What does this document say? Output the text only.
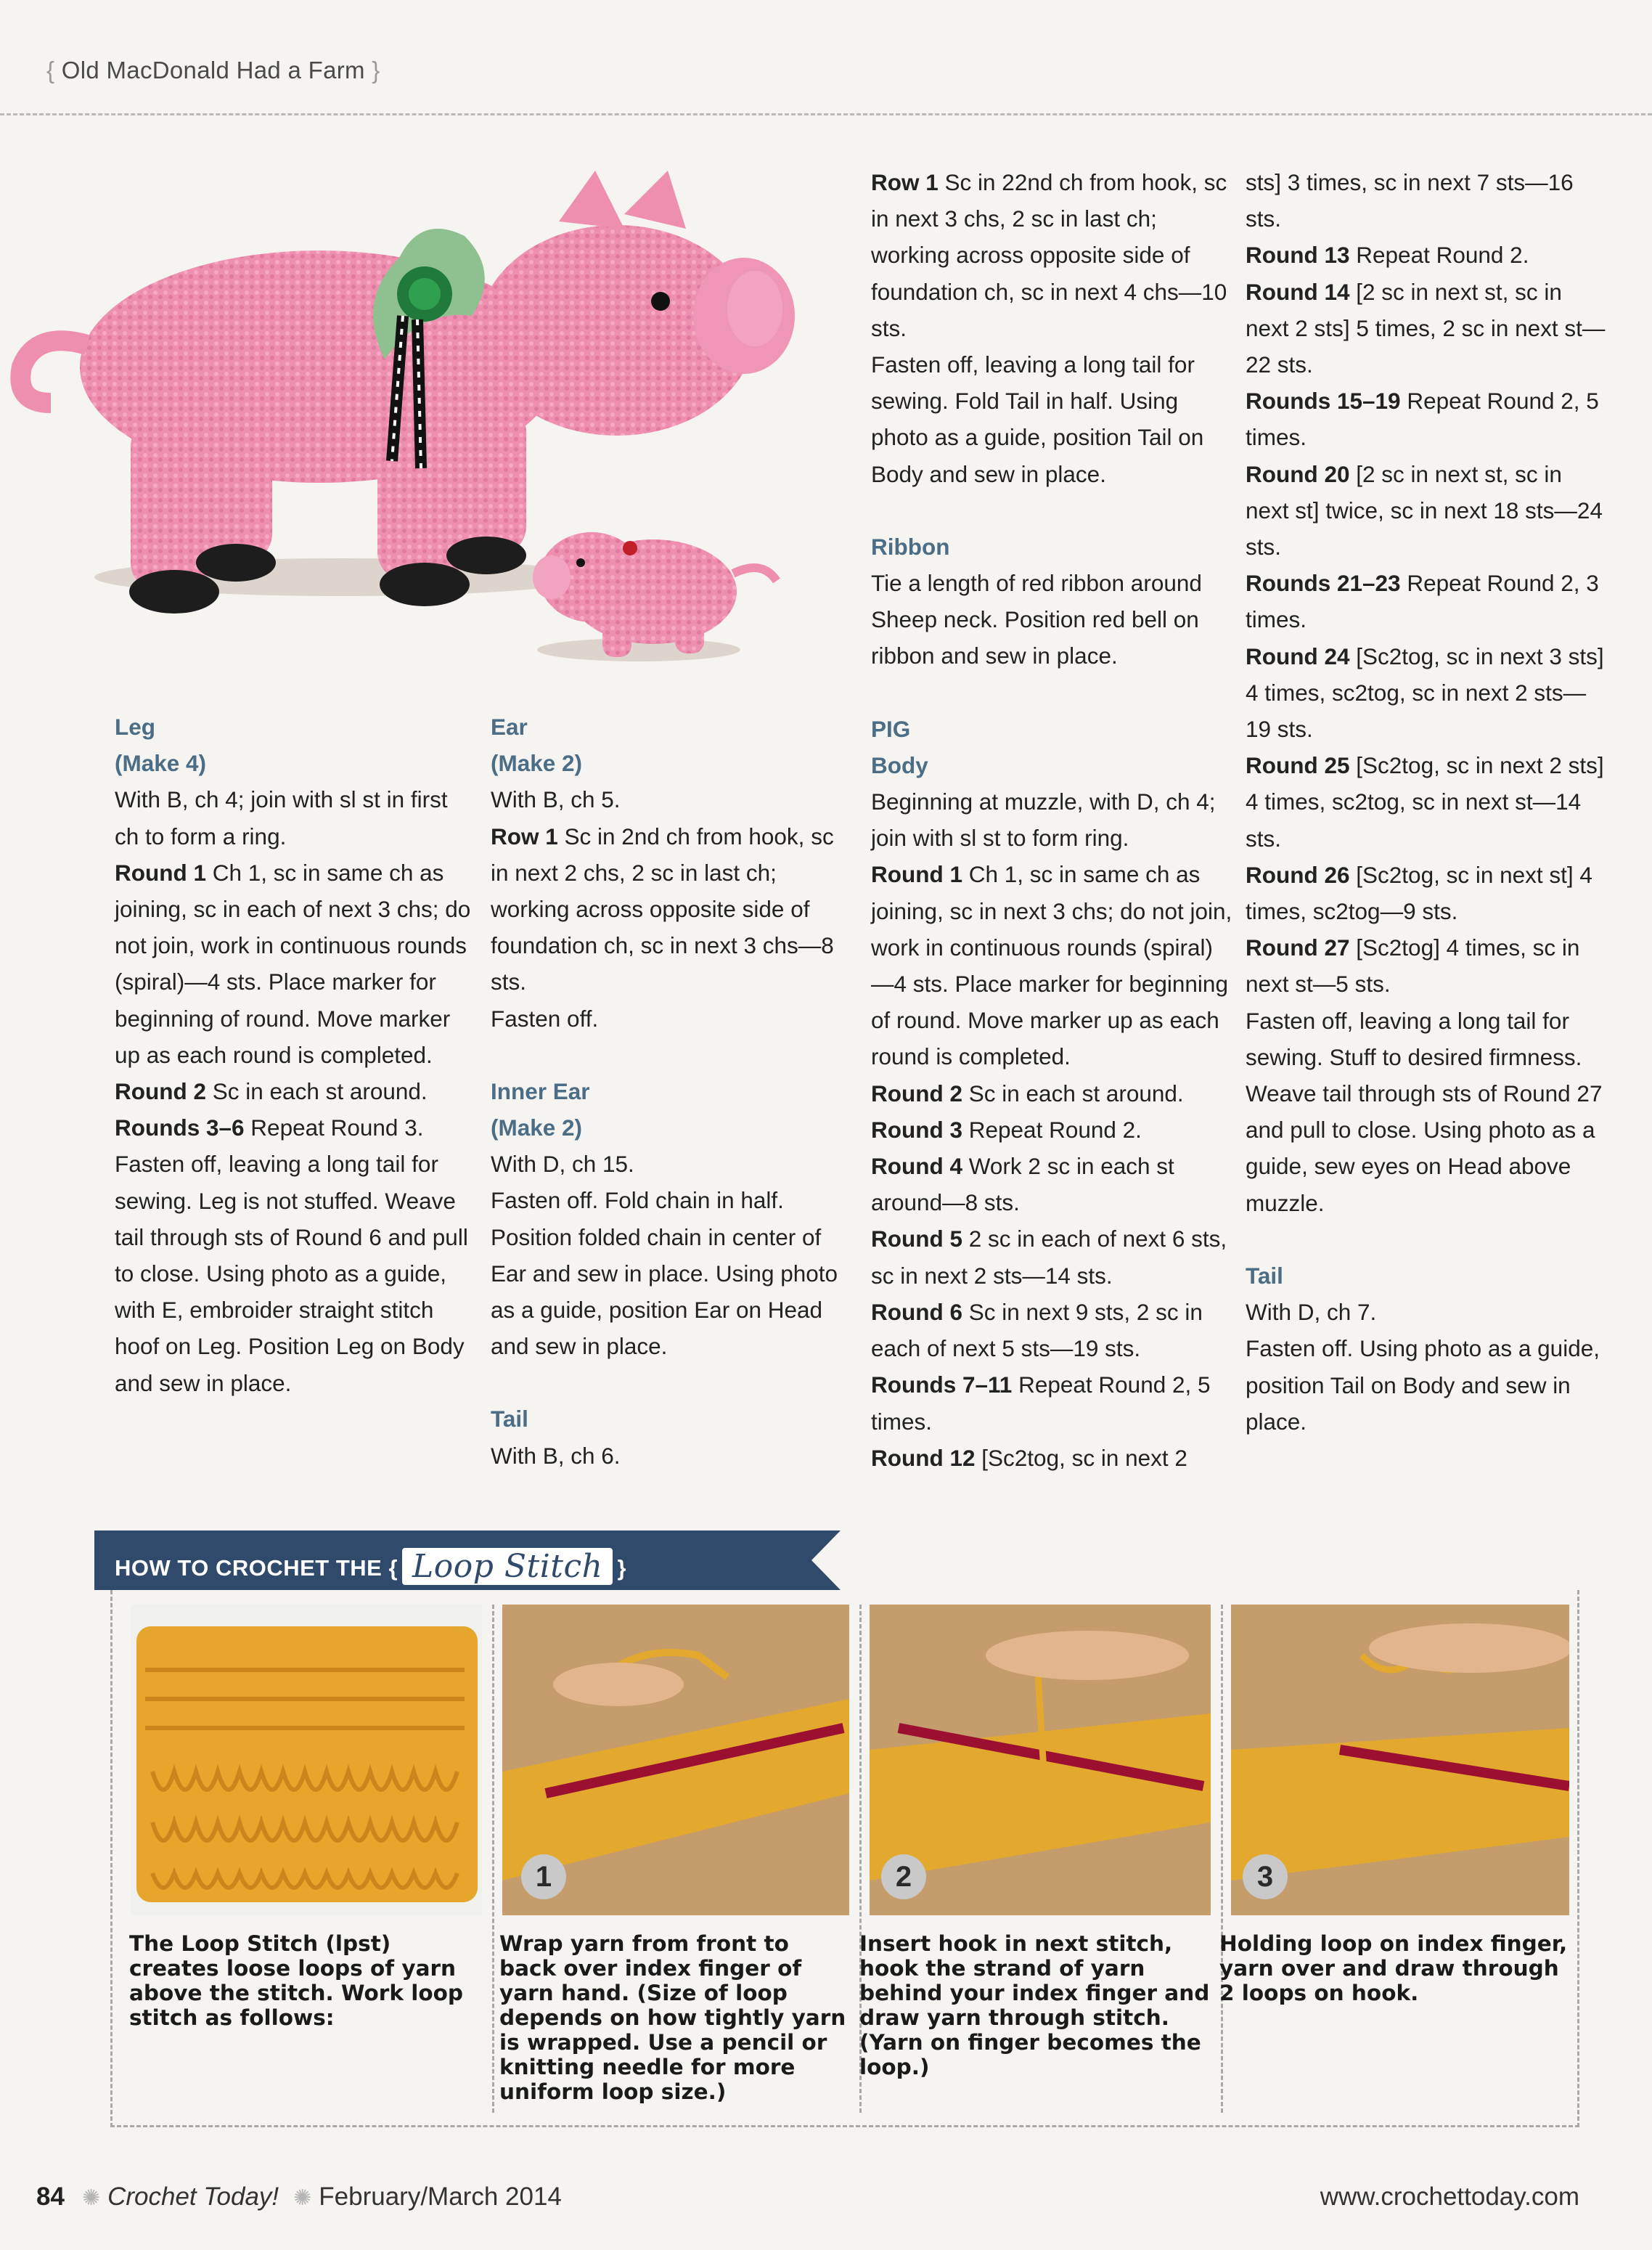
{ Old MacDonald Had a Farm }

Leg

(Make 4)

With B, ch 4; join with sl st in first ch to form a ring.

Round 1 Ch 1, sc in same ch as joining, sc in each of next 3 chs; do not join, work in continuous rounds (spiral)—4 sts. Place marker for beginning of round. Move marker up as each round is completed.

Round 2 Sc in each st around.

Rounds 3–6 Repeat Round 3.

Fasten off, leaving a long tail for sewing. Leg is not stuffed. Weave tail through sts of Round 6 and pull to close. Using photo as a guide, with E, embroider straight stitch hoof on Leg. Position Leg on Body and sew in place.

Ear

(Make 2)

With B, ch 5.

Row 1 Sc in 2nd ch from hook, sc in next 2 chs, 2 sc in last ch; working across opposite side of foundation ch, sc in next 3 chs—8 sts.

Fasten off.

Inner Ear

(Make 2)

With D, ch 15.

Fasten off. Fold chain in half. Position folded chain in center of Ear and sew in place. Using photo as a guide, position Ear on Head and sew in place.

Tail

With B, ch 6.

Row 1 Sc in 22nd ch from hook, sc in next 3 chs, 2 sc in last ch; working across opposite side of foundation ch, sc in next 4 chs—10 sts.

Fasten off, leaving a long tail for sewing. Fold Tail in half. Using photo as a guide, position Tail on Body and sew in place.

Ribbon

Tie a length of red ribbon around Sheep neck. Position red bell on ribbon and sew in place.

PIG

Body

Beginning at muzzle, with D, ch 4; join with sl st to form ring.

Round 1 Ch 1, sc in same ch as joining, sc in next 3 chs; do not join, work in continuous rounds (spiral)—4 sts. Place marker for beginning of round. Move marker up as each round is completed.

Round 2 Sc in each st around.

Round 3 Repeat Round 2.

Round 4 Work 2 sc in each st around—8 sts.

Round 5 2 sc in each of next 6 sts, sc in next 2 sts—14 sts.

Round 6 Sc in next 9 sts, 2 sc in each of next 5 sts—19 sts.

Rounds 7–11 Repeat Round 2, 5 times.

Round 12 [Sc2tog, sc in next 2

sts] 3 times, sc in next 7 sts—16 sts.

Round 13 Repeat Round 2.

Round 14 [2 sc in next st, sc in next 2 sts] 5 times, 2 sc in next st—22 sts.

Rounds 15–19 Repeat Round 2, 5 times.

Round 20 [2 sc in next st, sc in next st] twice, sc in next 18 sts—24 sts.

Rounds 21–23 Repeat Round 2, 3 times.

Round 24 [Sc2tog, sc in next 3 sts] 4 times, sc2tog, sc in next 2 sts—19 sts.

Round 25 [Sc2tog, sc in next 2 sts] 4 times, sc2tog, sc in next st—14 sts.

Round 26 [Sc2tog, sc in next st] 4 times, sc2tog—9 sts.

Round 27 [Sc2tog] 4 times, sc in next st—5 sts.

Fasten off, leaving a long tail for sewing. Stuff to desired firmness. Weave tail through sts of Round 27 and pull to close. Using photo as a guide, sew eyes on Head above muzzle.

Tail

With D, ch 7.

Fasten off. Using photo as a guide, position Tail on Body and sew in place.

HOW TO CROCHET THE { Loop Stitch }
1	2	3
The Loop Stitch (lpst) creates loose loops of yarn above the stitch. Work loop stitch as follows:
Wrap yarn from front to back over index finger of yarn hand. (Size of loop depends on how tightly yarn is wrapped. Use a pencil or knitting needle for more uniform loop size.)
Insert hook in next stitch, hook the strand of yarn behind your index finger and draw yarn through stitch. (Yarn on finger becomes the loop.)
Holding loop on index finger, yarn over and draw through 2 loops on hook.
84 ✺ Crochet Today! ✺ February/March 2014	www.crochettoday.com
